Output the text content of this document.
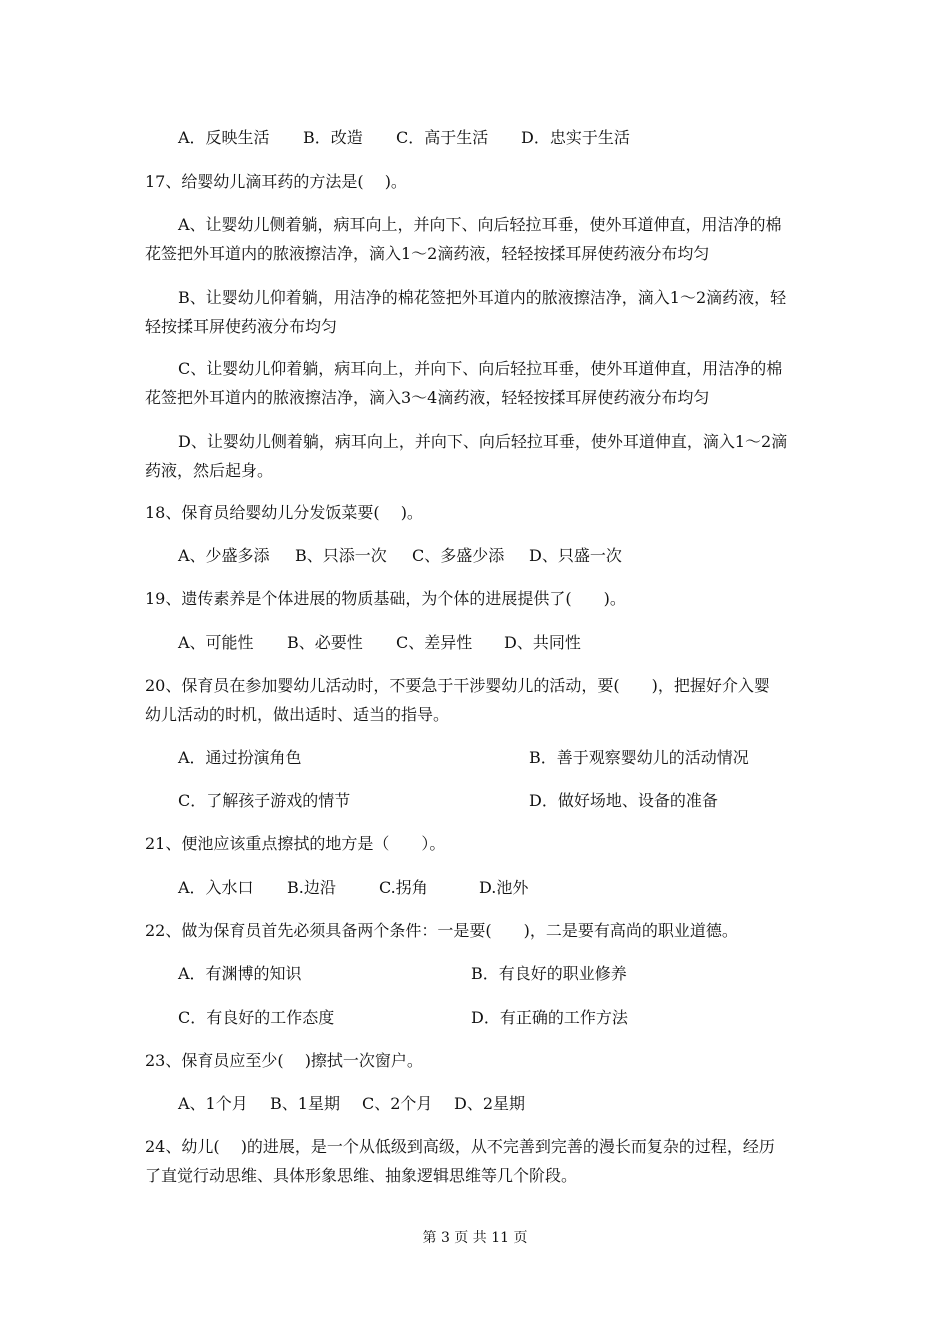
A．反映生活 B．改造 C．高于生活 D．忠实于生活
17、给婴幼儿滴耳药的方法是(　 )。
A、让婴幼儿侧着躺，病耳向上，并向下、向后轻拉耳垂，使外耳道伸直，用洁净的棉
花签把外耳道内的脓液擦洁净，滴入1～2滴药液，轻轻按揉耳屏使药液分布均匀
B、让婴幼儿仰着躺，用洁净的棉花签把外耳道内的脓液擦洁净，滴入1～2滴药液，轻
轻按揉耳屏使药液分布均匀
C、让婴幼儿仰着躺，病耳向上，并向下、向后轻拉耳垂，使外耳道伸直，用洁净的棉
花签把外耳道内的脓液擦洁净，滴入3～4滴药液，轻轻按揉耳屏使药液分布均匀
D、让婴幼儿侧着躺，病耳向上，并向下、向后轻拉耳垂，使外耳道伸直，滴入1～2滴
药液，然后起身。
18、保育员给婴幼儿分发饭菜要(　 )。
A、少盛多添 B、只添一次 C、多盛少添 D、只盛一次
19、遗传素养是个体进展的物质基础，为个体的进展提供了(　　)。
A、可能性 B、必要性 C、差异性 D、共同性
20、保育员在参加婴幼儿活动时，不要急于干涉婴幼儿的活动，要(　　)，把握好介入婴
幼儿活动的时机，做出适时、适当的指导。
A．通过扮演角色	B．善于观察婴幼儿的活动情况
C．了解孩子游戏的情节	D．做好场地、设备的准备
21、便池应该重点擦拭的地方是（　　）。
A．入水口 B.边沿	C.拐角	D.池外
22、做为保育员首先必须具备两个条件：一是要(　　)，二是要有高尚的职业道德。
A．有渊博的知识	B．有良好的职业修养
C．有良好的工作态度	D．有正确的工作方法
23、保育员应至少(　 )擦拭一次窗户。
A、1个月 B、1星期 C、2个月 D、2星期
24、幼儿(　 )的进展，是一个从低级到高级，从不完善到完善的漫长而复杂的过程，经历
了直觉行动思维、具体形象思维、抽象逻辑思维等几个阶段。
第 3 页 共 11 页
